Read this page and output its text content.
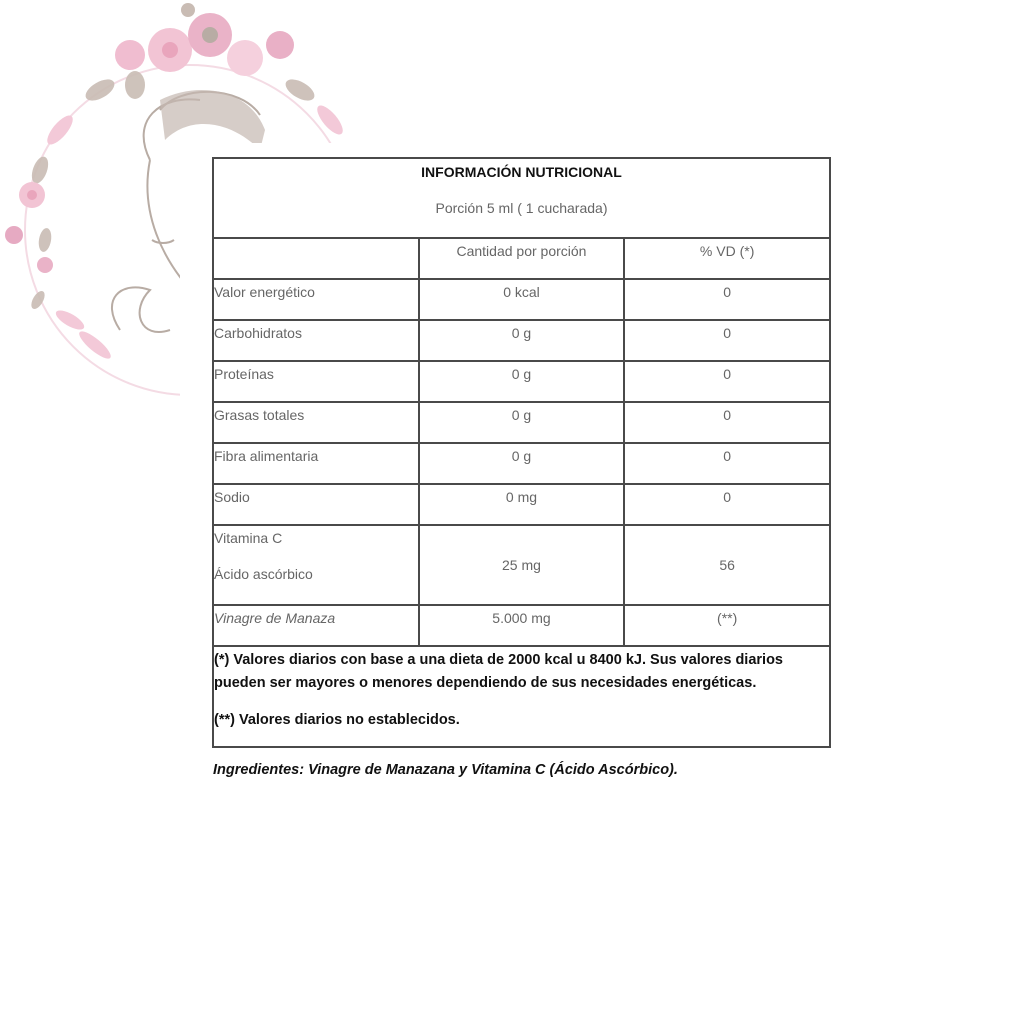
INFORMACIÓN NUTRICIONAL
Porción 5 ml ( 1 cucharada)		

	Cantidad por porción	% VD (*)

Valor energético	0 kcal	0

Carbohidratos	0 g	0

Proteínas	0 g	0

Grasas totales	0 g	0

Fibra alimentaria	0 g	0

Sodio	0 mg	0

Vitamina C
Ácido ascórbico	25 mg	56

Vinagre de Manaza	5.000 mg	(**)

(*) Valores diarios con base a una dieta de 2000 kcal u 8400 kJ. Sus valores diarios pueden ser mayores o menores dependiendo de sus necesidades energéticas.

(**) Valores diarios no establecidos.		

Ingredientes: Vinagre de Manazana y Vitamina C (Ácido Ascórbico).
